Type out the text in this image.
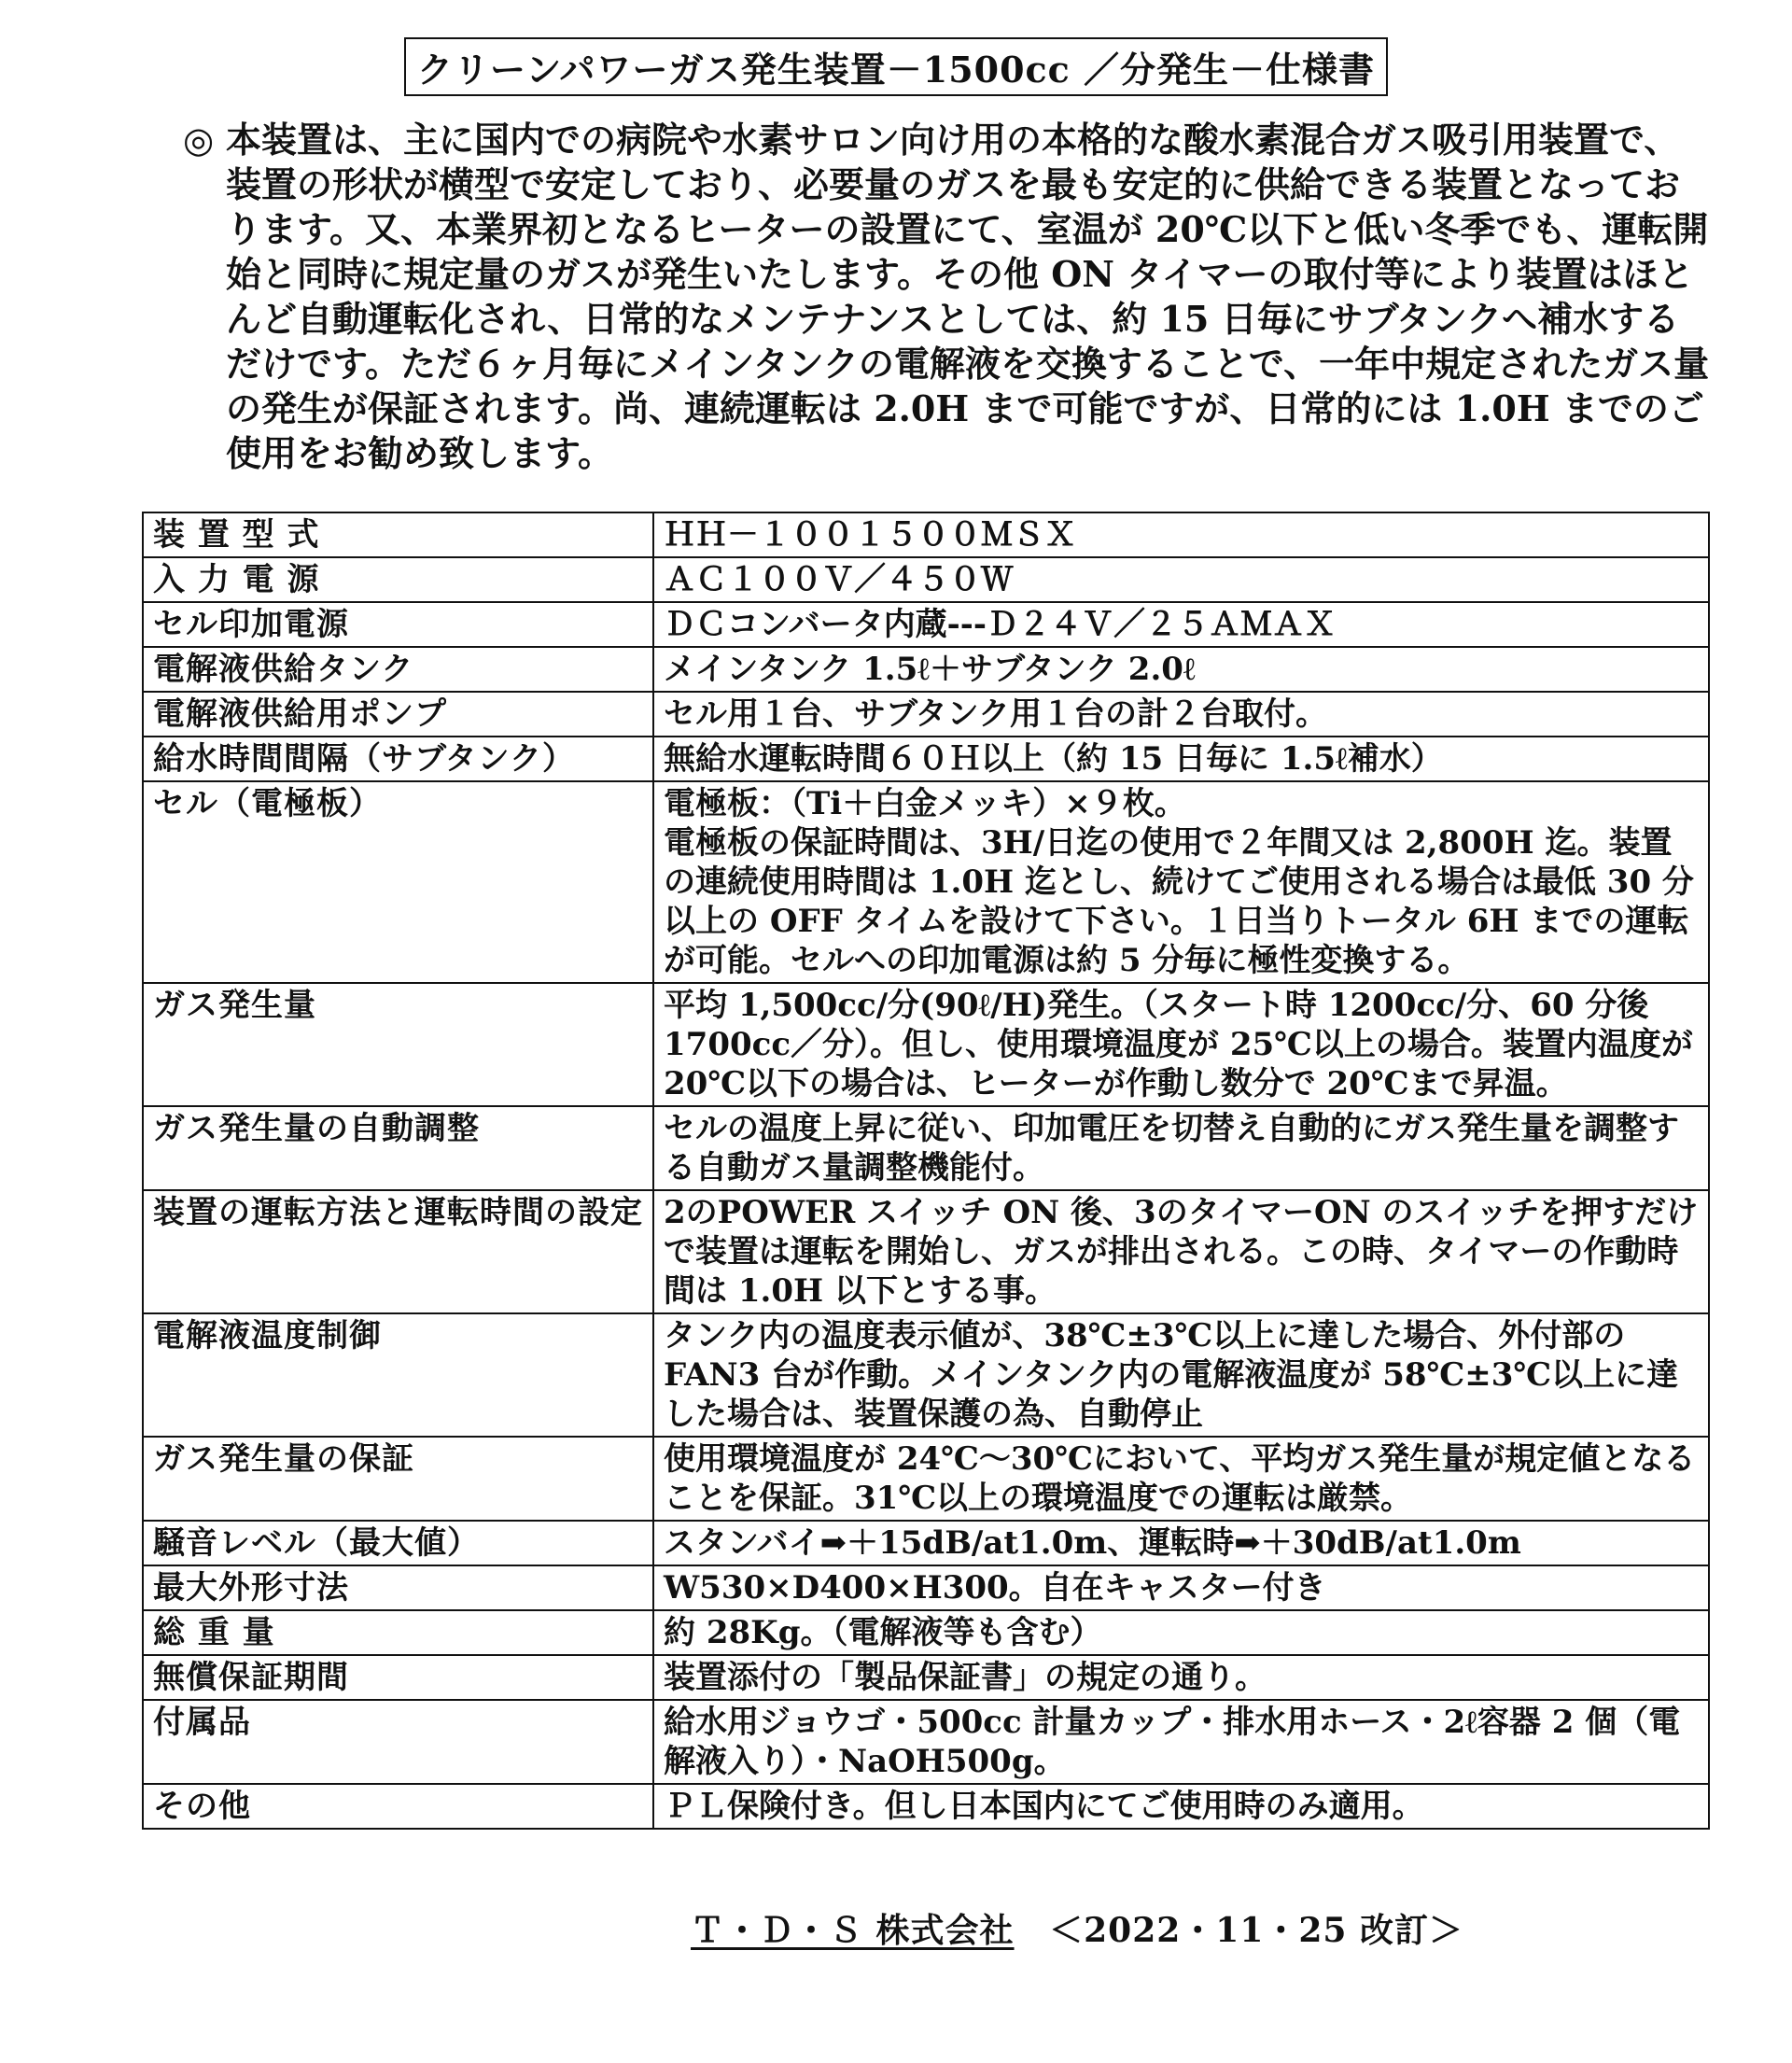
クリーンパワーガス発生装置－1500cc ／分発生－仕様書
◎ 本装置は、主に国内での病院や水素サロン向け用の本格的な酸水素混合ガス吸引用装置で、装置の形状が横型で安定しており、必要量のガスを最も安定的に供給できる装置となっております。又、本業界初となるヒーターの設置にて、室温が 20℃以下と低い冬季でも、運転開始と同時に規定量のガスが発生いたします。その他 ON タイマーの取付等により装置はほとんど自動運転化され、日常的なメンテナンスとしては、約 15 日毎にサブタンクへ補水するだけです。ただ６ヶ月毎にメインタンクの電解液を交換することで、一年中規定されたガス量の発生が保証されます。尚、連続運転は 2.0H まで可能ですが、日常的には 1.0H までのご使用をお勧め致します。

装 置 型 式	ＨＨ－１００１５００ＭＳＸ
入 力 電 源	ＡＣ１００Ｖ／４５０Ｗ
セル印加電源	ＤＣコンバータ内蔵---Ｄ２４Ｖ／２５ＡＭＡＸ
電解液供給タンク	メインタンク 1.5ℓ＋サブタンク 2.0ℓ
電解液供給用ポンプ	セル用１台、サブタンク用１台の計２台取付。
給水時間間隔（サブタンク）	無給水運転時間６０Ｈ以上（約 15 日毎に 1.5ℓ補水）
セル（電極板）	電極板：（Ti＋白金メッキ）×９枚。
電極板の保証時間は、3H/日迄の使用で２年間又は 2,800H 迄。装置の連続使用時間は 1.0H 迄とし、続けてご使用される場合は最低 30 分以上の OFF タイムを設けて下さい。１日当りトータル 6H までの運転が可能。セルへの印加電源は約 5 分毎に極性変換する。
ガス発生量	平均 1,500cc/分(90ℓ/H)発生。（スタート時 1200cc/分、60 分後 1700cc／分）。但し、使用環境温度が 25℃以上の場合。装置内温度が 20℃以下の場合は、ヒーターが作動し数分で 20℃まで昇温。
ガス発生量の自動調整	セルの温度上昇に従い、印加電圧を切替え自動的にガス発生量を調整する自動ガス量調整機能付。
装置の運転方法と運転時間の設定	2のPOWER スイッチ ON 後、3のタイマーON のスイッチを押すだけで装置は運転を開始し、ガスが排出される。この時、タイマーの作動時間は 1.0H 以下とする事。
電解液温度制御	タンク内の温度表示値が、38℃±3℃以上に達した場合、外付部の FAN3 台が作動。メインタンク内の電解液温度が 58℃±3℃以上に達した場合は、装置保護の為、自動停止
ガス発生量の保証	使用環境温度が 24℃～30℃において、平均ガス発生量が規定値となることを保証。31℃以上の環境温度での運転は厳禁。
騒音レベル（最大値）	スタンバイ➡＋15dB/at1.0m、運転時➡＋30dB/at1.0m
最大外形寸法	W530×D400×H300。自在キャスター付き
総 重 量	約 28Kg。（電解液等も含む）
無償保証期間	装置添付の「製品保証書」の規定の通り。
付属品	給水用ジョウゴ・500cc 計量カップ・排水用ホース・2ℓ容器 2 個（電解液入り）・NaOH500g。
その他	ＰＬ保険付き。但し日本国内にてご使用時のみ適用。
Ｔ・Ｄ・Ｓ 株式会社 ＜2022・11・25 改訂＞
